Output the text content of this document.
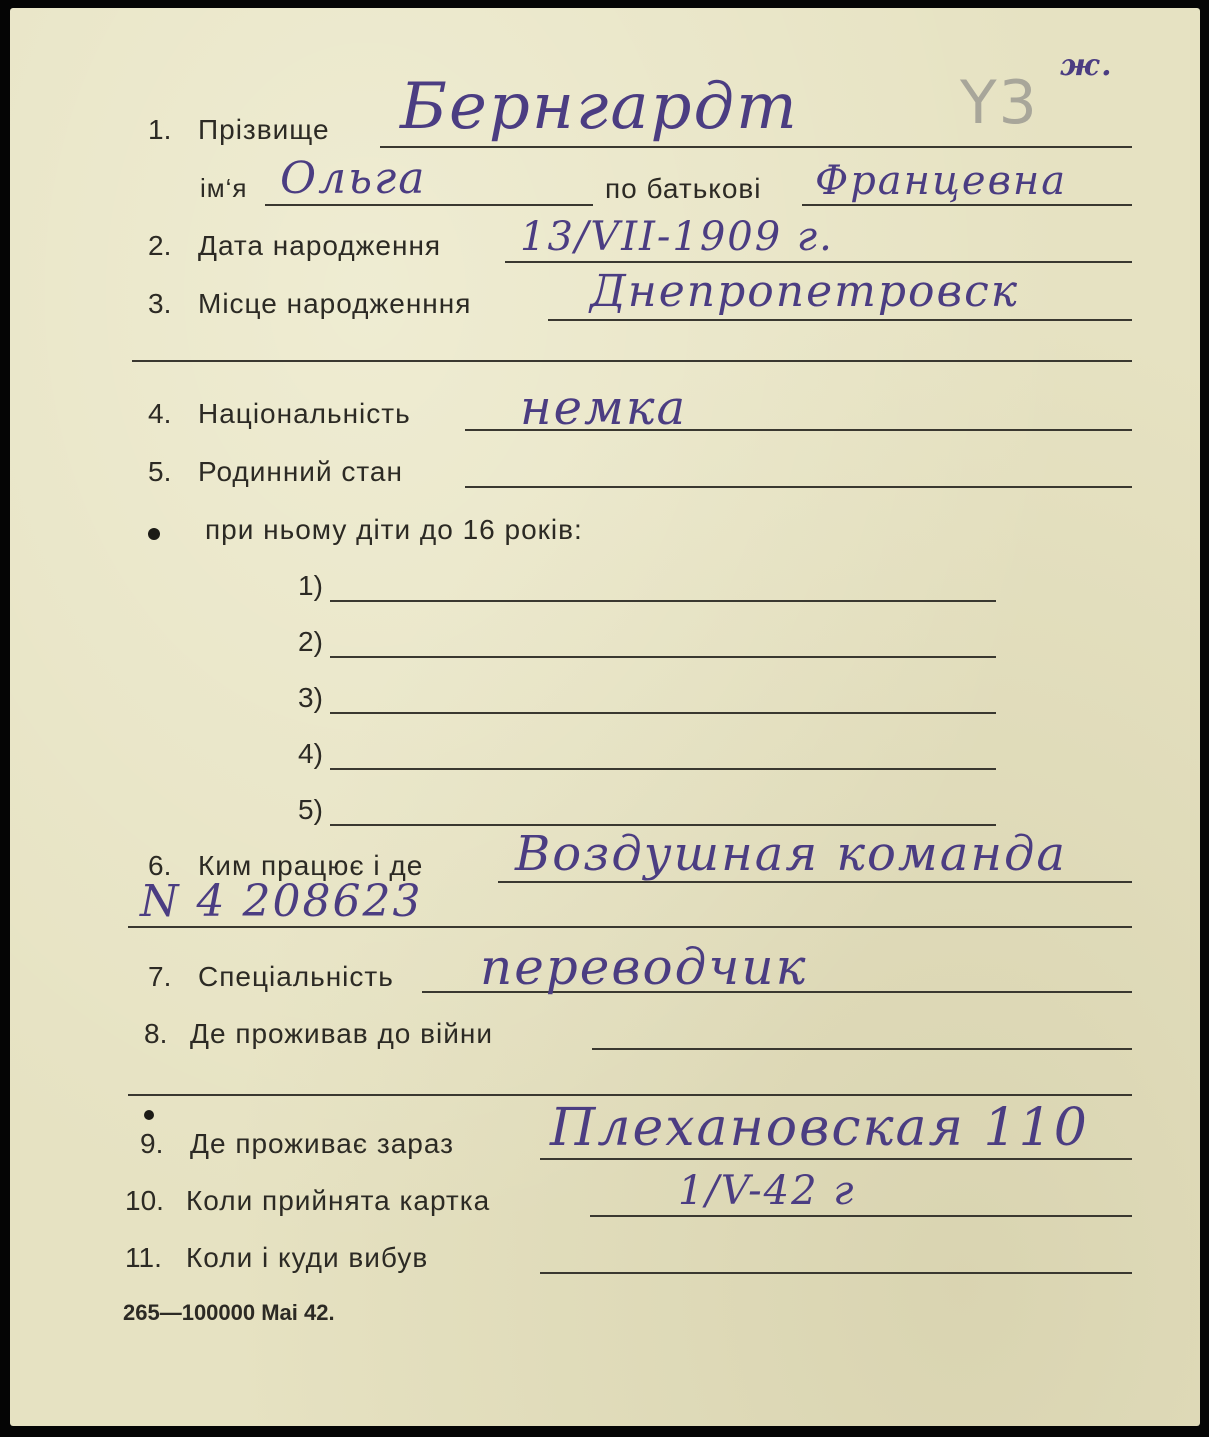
ж.
Y3
1. Прізвище Бернгардт
ім‘я Ольга	по батькові Францевна
2. Дата народження 13/VII-1909 г.
3. Місце народженння	Днепропетровск
4. Національність немка
5. Родинний стан
при ньому діти до 16 років:
1)
2)
3)
4)
5)
6. Ким працює і де Воздушная команда
N 4 208623
7. Спеціальність переводчик
8. Де проживав до війни
9. Де проживає зараз Плехановская 110
10. Коли прийнята картка	1/V-42 г
11. Коли і куди вибув
265—100000 Mai 42.
